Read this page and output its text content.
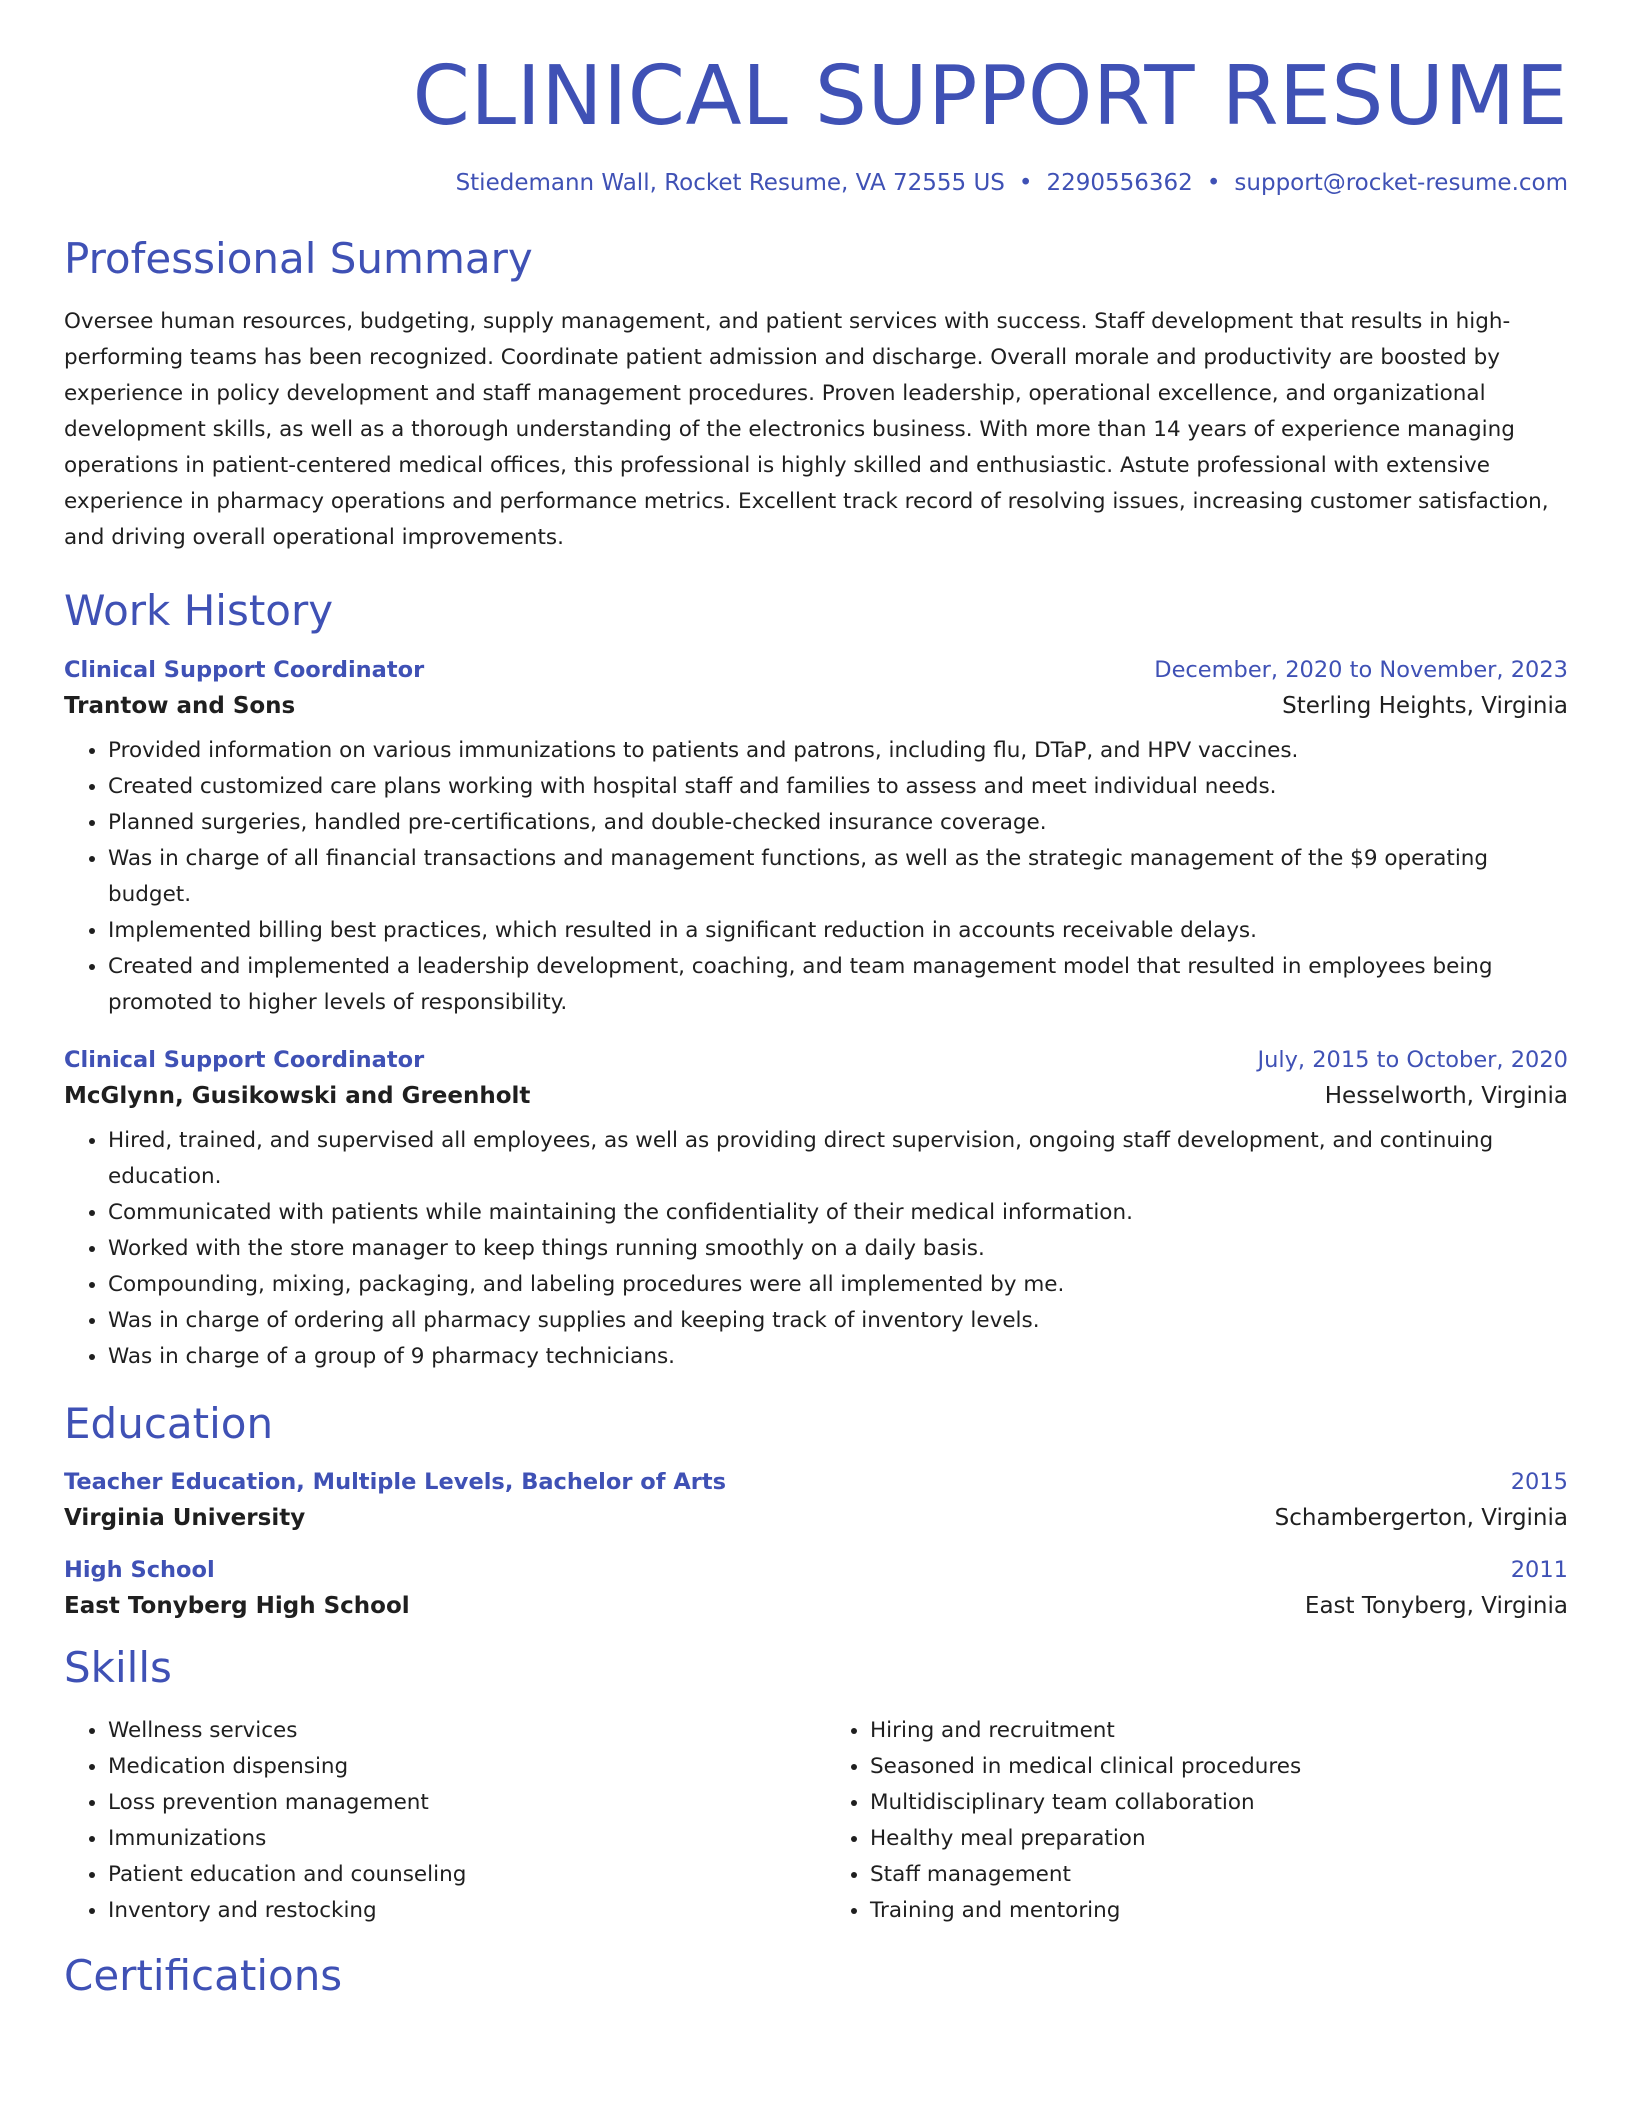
CLINICAL SUPPORT RESUME
Stiedemann Wall, Rocket Resume, VA 72555 US • 2290556362 • support@rocket-resume.com
Professional Summary

Oversee human resources, budgeting, supply management, and patient services with success. Staff development that results in high-performing teams has been recognized. Coordinate patient admission and discharge. Overall morale and productivity are boosted by experience in policy development and staff management procedures. Proven leadership, operational excellence, and organizational development skills, as well as a thorough understanding of the electronics business. With more than 14 years of experience managing operations in patient-centered medical offices, this professional is highly skilled and enthusiastic. Astute professional with extensive experience in pharmacy operations and performance metrics. Excellent track record of resolving issues, increasing customer satisfaction, and driving overall operational improvements.

Work History
Clinical Support Coordinator	December, 2020 to November, 2023
Trantow and Sons	Sterling Heights, Virginia
• Provided information on various immunizations to patients and patrons, including flu, DTaP, and HPV vaccines.
• Created customized care plans working with hospital staff and families to assess and meet individual needs.
• Planned surgeries, handled pre-certifications, and double-checked insurance coverage.
• Was in charge of all financial transactions and management functions, as well as the strategic management of the $9 operating budget.
• Implemented billing best practices, which resulted in a significant reduction in accounts receivable delays.
• Created and implemented a leadership development, coaching, and team management model that resulted in employees being promoted to higher levels of responsibility.
Clinical Support Coordinator	July, 2015 to October, 2020
McGlynn, Gusikowski and Greenholt	Hesselworth, Virginia
• Hired, trained, and supervised all employees, as well as providing direct supervision, ongoing staff development, and continuing education.
• Communicated with patients while maintaining the confidentiality of their medical information.
• Worked with the store manager to keep things running smoothly on a daily basis.
• Compounding, mixing, packaging, and labeling procedures were all implemented by me.
• Was in charge of ordering all pharmacy supplies and keeping track of inventory levels.
• Was in charge of a group of 9 pharmacy technicians.
Education
Teacher Education, Multiple Levels, Bachelor of Arts	2015
Virginia University	Schambergerton, Virginia
High School	2011
East Tonyberg High School	East Tonyberg, Virginia
Skills
• Wellness services
• Medication dispensing
• Loss prevention management
• Immunizations
• Patient education and counseling
• Inventory and restocking
• Hiring and recruitment
• Seasoned in medical clinical procedures
• Multidisciplinary team collaboration
• Healthy meal preparation
• Staff management
• Training and mentoring
Certifications
